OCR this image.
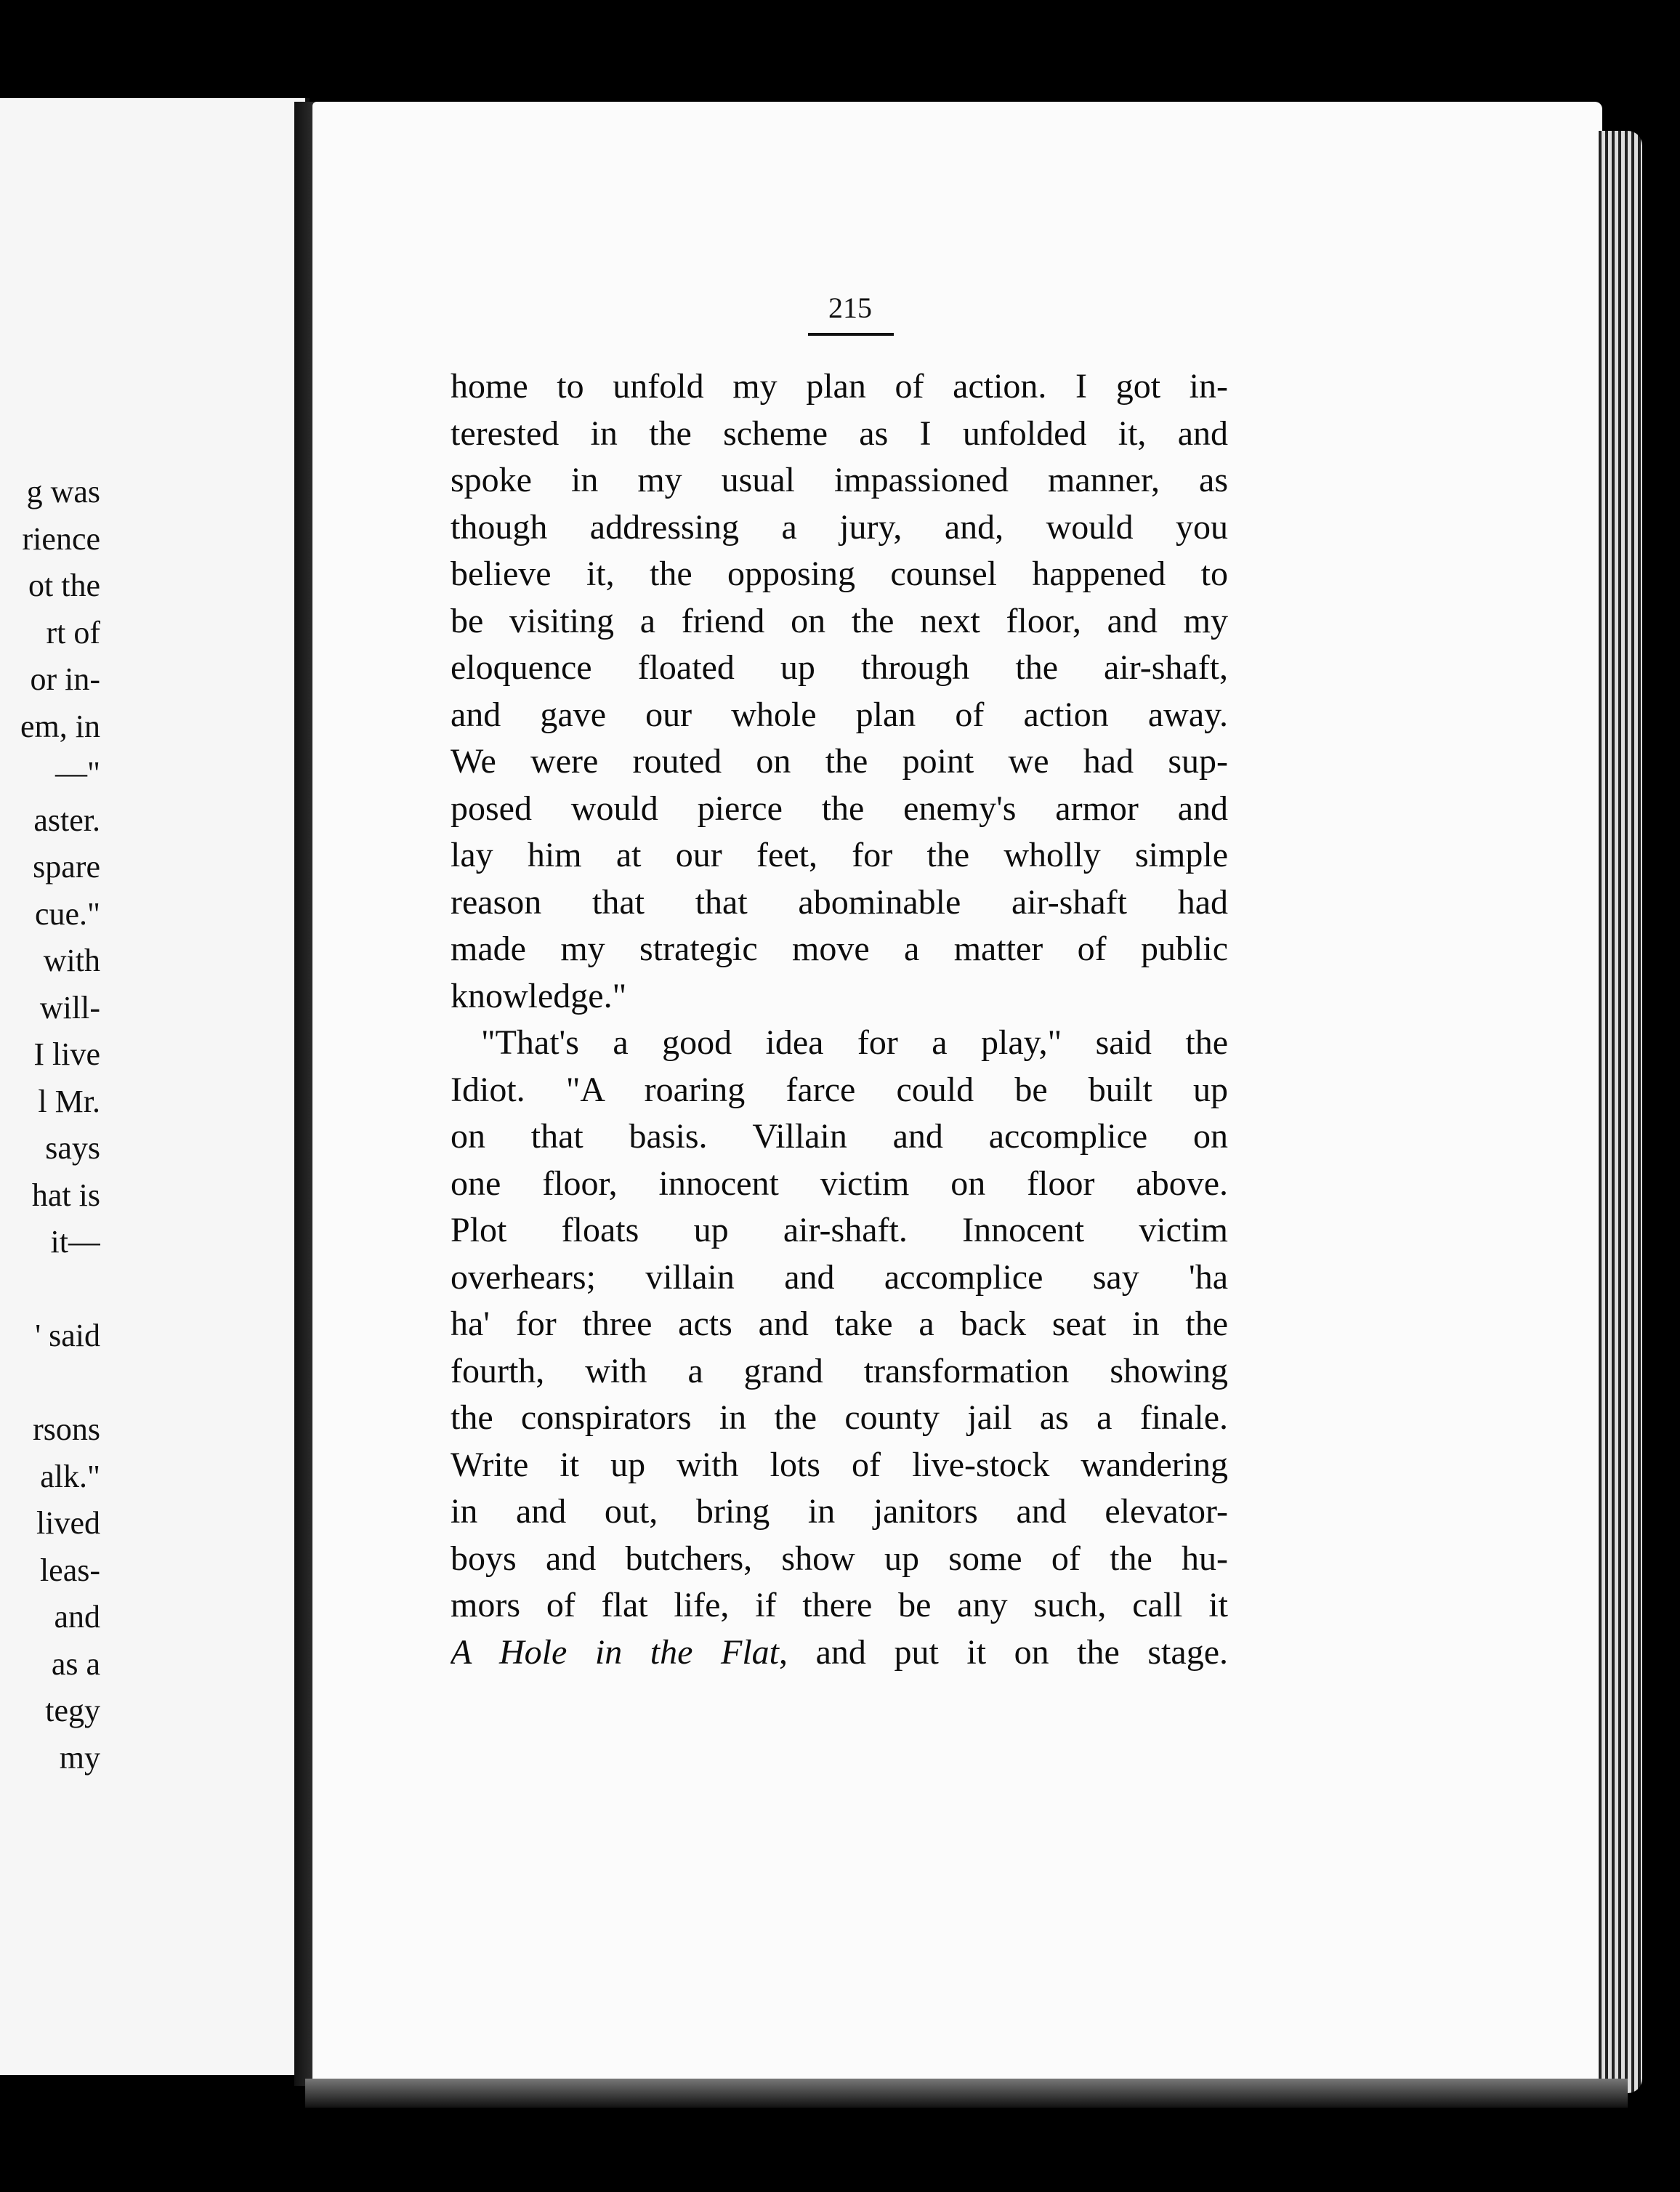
g was
rience
ot the
rt of
or in-
em, in
—"
aster.
spare
cue."
with
will-
I live
l Mr.
says
hat is
it—
' said
rsons
alk."
lived
leas-
and
as a
tegy
my
215
home to unfold my plan of action. I got in-
terested in the scheme as I unfolded it, and
spoke in my usual impassioned manner, as
though addressing a jury, and, would you
believe it, the opposing counsel happened to
be visiting a friend on the next floor, and my
eloquence floated up through the air-shaft,
and gave our whole plan of action away.
We were routed on the point we had sup-
posed would pierce the enemy's armor and
lay him at our feet, for the wholly simple
reason that that abominable air-shaft had
made my strategic move a matter of public
knowledge."
"That's a good idea for a play," said the
Idiot. "A roaring farce could be built up
on that basis. Villain and accomplice on
one floor, innocent victim on floor above.
Plot floats up air-shaft. Innocent victim
overhears; villain and accomplice say 'ha
ha' for three acts and take a back seat in the
fourth, with a grand transformation showing
the conspirators in the county jail as a finale.
Write it up with lots of live-stock wandering
in and out, bring in janitors and elevator-
boys and butchers, show up some of the hu-
mors of flat life, if there be any such, call it
A Hole in the Flat, and put it on the stage.
